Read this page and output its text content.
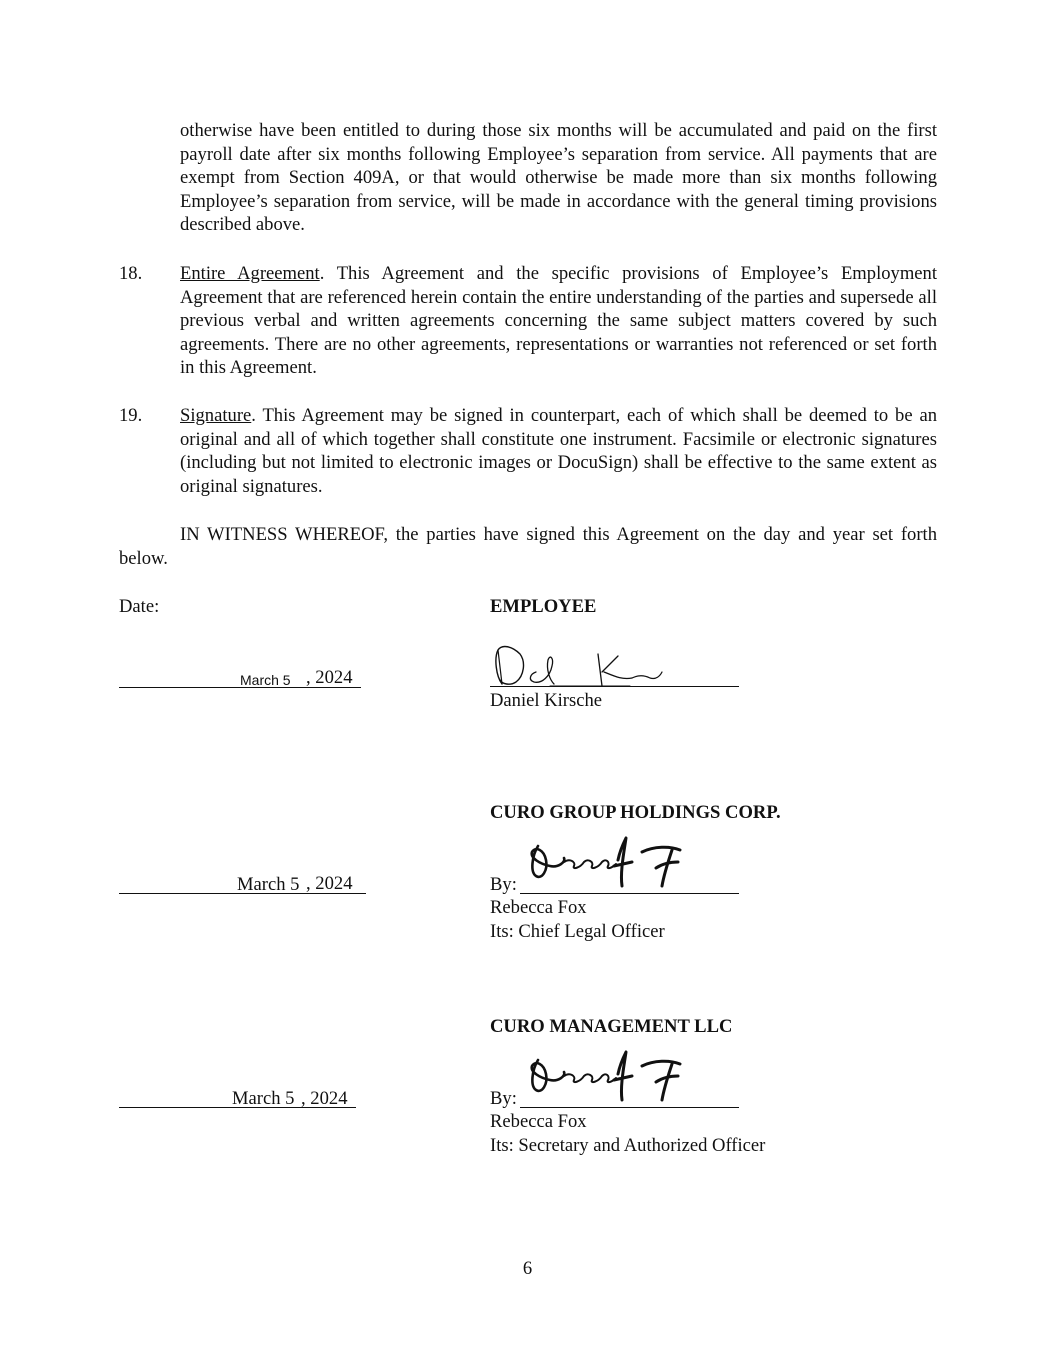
otherwise have been entitled to during those six months will be accumulated and paid on the first payroll date after six months following Employee’s separation from service. All payments that are exempt from Section 409A, or that would otherwise be made more than six months following Employee’s separation from service, will be made in accordance with the general timing provisions described above.

18. Entire Agreement. This Agreement and the specific provisions of Employee’s Employment Agreement that are referenced herein contain the entire understanding of the parties and supersede all previous verbal and written agreements concerning the same subject matters covered by such agreements. There are no other agreements, representations or warranties not referenced or set forth in this Agreement.

19. Signature. This Agreement may be signed in counterpart, each of which shall be deemed to be an original and all of which together shall constitute one instrument. Facsimile or electronic signatures (including but not limited to electronic images or DocuSign) shall be effective to the same extent as original signatures.

IN WITNESS WHEREOF, the parties have signed this Agreement on the day and year set forth below.

Date:	EMPLOYEE
March 5 , 2024
Daniel Kirsche
CURO GROUP HOLDINGS CORP.
March 5 , 2024	By:
Rebecca Fox
Its: Chief Legal Officer
CURO MANAGEMENT LLC
March 5 , 2024	By:
Rebecca Fox
Its: Secretary and Authorized Officer
6
